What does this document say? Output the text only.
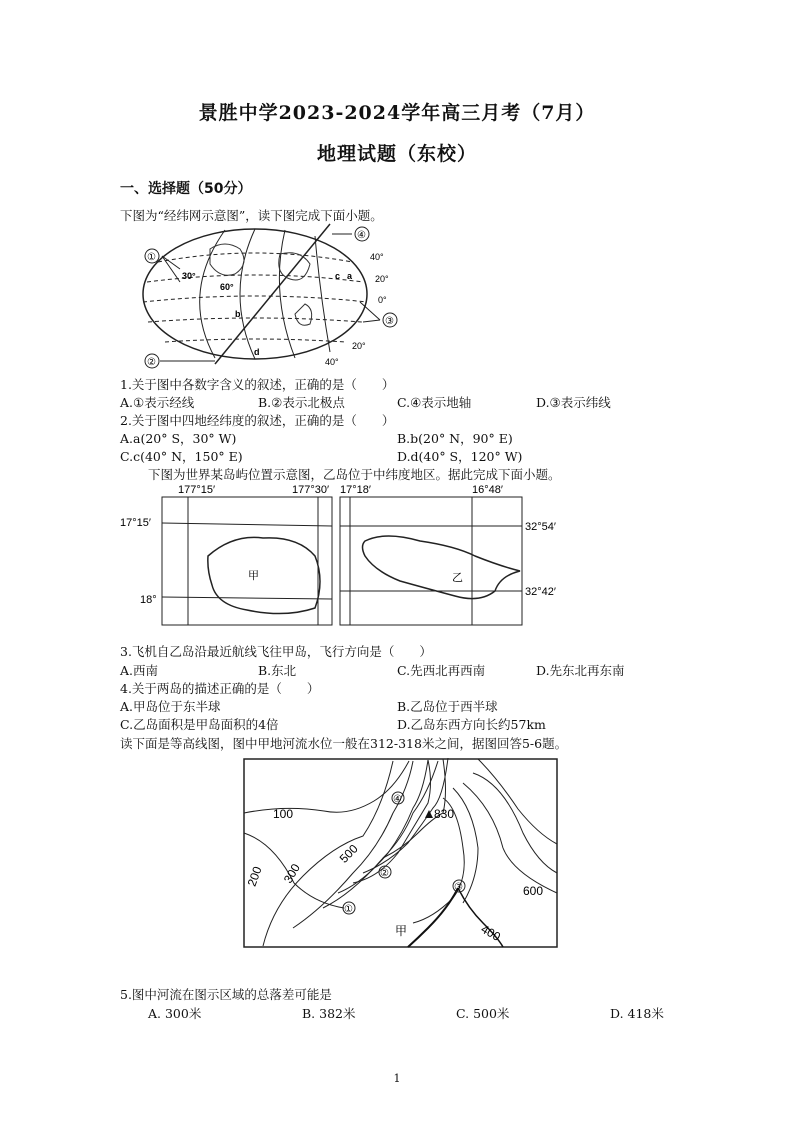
景胜中学2023-2024学年高三月考（7月）
地理试题（东校）
一、选择题（50分）
下图为“经纬网示意图”，读下图完成下面小题。
①
②
③
④
30°
60°
40°
20°
0°
20°
40°
a
b
c
d
1.关于图中各数字含义的叙述，正确的是（　　）
A.①表示经线	B.②表示北极点	C.④表示地轴	D.③表示纬线
2.关于图中四地经纬度的叙述，正确的是（　　）
A.a(20° S，30° W)	B.b(20° N，90° E)
C.c(40° N，150° E)	D.d(40° S，120° W)
下图为世界某岛屿位置示意图，乙岛位于中纬度地区。据此完成下面小题。
177°15′	177°30′
17°15′
18°
甲
17°18′	16°48′
32°54′
32°42′
乙
3.飞机自乙岛沿最近航线飞往甲岛，飞行方向是（　　）
A.西南	B.东北	C.先西北再西南	D.先东北再东南
4.关于两岛的描述正确的是（　　）
A.甲岛位于东半球	B.乙岛位于西半球
C.乙岛面积是甲岛面积的4倍	D.乙岛东西方向长约57km
读下面是等高线图，图中甲地河流水位一般在312-318米之间，据图回答5-6题。
④
②
①
③
100
200 300
500
830
600
400
甲
5.图中河流在图示区域的总落差可能是
A. 300米	B. 382米	C. 500米	D. 418米
1
